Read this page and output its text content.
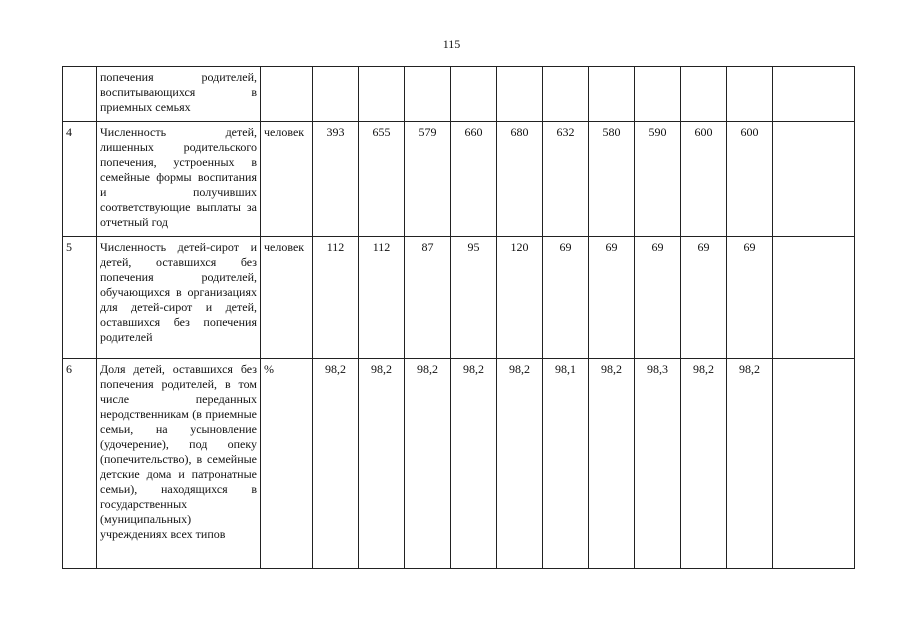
115
	попечения родителей, воспитывающихся в приемных семьях												
4	Численность детей, лишенных родительского попечения, устроенных в семейные формы воспитания и получивших соответствующие выплаты за отчетный год	человек	393	655	579	660	680	632	580	590	600	600	
5	Численность детей-сирот и детей, оставшихся без попечения родителей, обучающихся в организациях для детей-сирот и детей, оставшихся без попечения родителей	человек	112	112	87	95	120	69	69	69	69	69	
6	Доля детей, оставшихся без попечения родителей, в том числе переданных неродственникам (в приемные семьи, на усыновление (удочерение), под опеку (попечительство), в семейные детские дома и патронатные семьи), находящихся в государственных (муниципальных) учреждениях всех типов	%	98,2	98,2	98,2	98,2	98,2	98,1	98,2	98,3	98,2	98,2	
